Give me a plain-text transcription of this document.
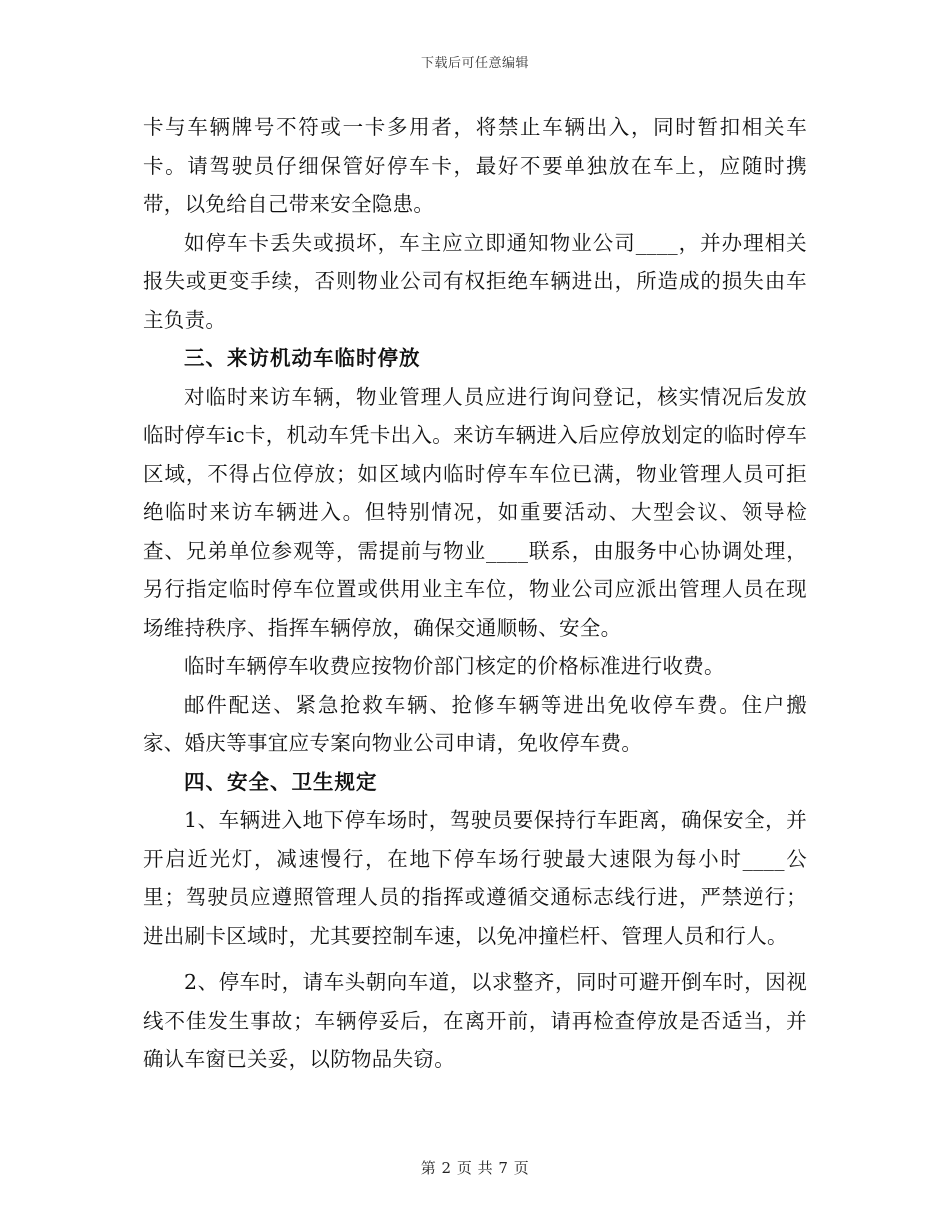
下载后可任意编辑

卡与车辆牌号不符或一卡多用者，将禁止车辆出入，同时暂扣相关车卡。请驾驶员仔细保管好停车卡，最好不要单独放在车上，应随时携带，以免给自己带来安全隐患。

如停车卡丢失或损坏，车主应立即通知物业公司____，并办理相关报失或更变手续，否则物业公司有权拒绝车辆进出，所造成的损失由车主负责。

三、来访机动车临时停放

对临时来访车辆，物业管理人员应进行询问登记，核实情况后发放临时停车ic卡，机动车凭卡出入。来访车辆进入后应停放划定的临时停车区域，不得占位停放；如区域内临时停车车位已满，物业管理人员可拒绝临时来访车辆进入。但特别情况，如重要活动、大型会议、领导检查、兄弟单位参观等，需提前与物业____联系，由服务中心协调处理，另行指定临时停车位置或供用业主车位，物业公司应派出管理人员在现场维持秩序、指挥车辆停放，确保交通顺畅、安全。

临时车辆停车收费应按物价部门核定的价格标准进行收费。

邮件配送、紧急抢救车辆、抢修车辆等进出免收停车费。住户搬家、婚庆等事宜应专案向物业公司申请，免收停车费。

四、安全、卫生规定

1、车辆进入地下停车场时，驾驶员要保持行车距离，确保安全，并开启近光灯，减速慢行，在地下停车场行驶最大速限为每小时____公里；驾驶员应遵照管理人员的指挥或遵循交通标志线行进，严禁逆行；进出刷卡区域时，尤其要控制车速，以免冲撞栏杆、管理人员和行人。

2、停车时，请车头朝向车道，以求整齐，同时可避开倒车时，因视线不佳发生事故；车辆停妥后，在离开前，请再检查停放是否适当，并确认车窗已关妥，以防物品失窃。

第 2 页 共 7 页
